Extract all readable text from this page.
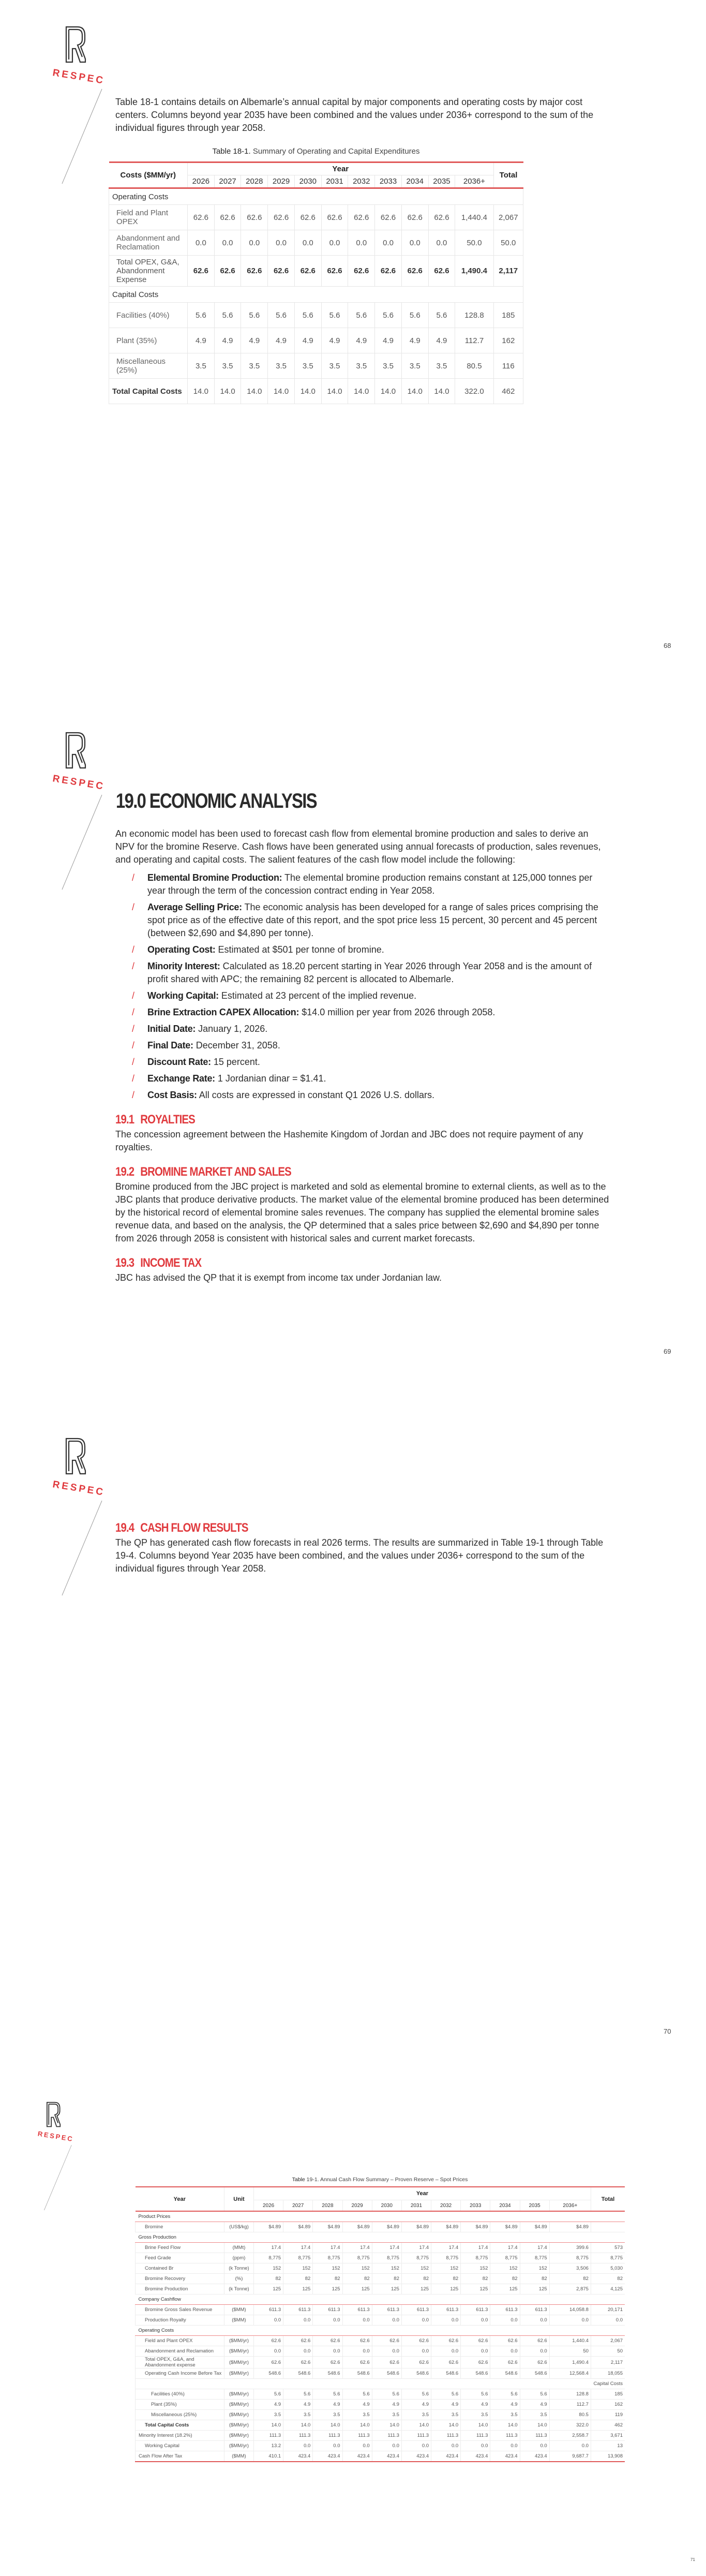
RESPEC

Table 18-1 contains details on Albemarle’s annual capital by major components and operating costs by major cost centers. Columns beyond year 2035 have been combined and the values under 2036+ correspond to the sum of the individual figures through year 2058.

Table 18-1. Summary of Operating and Capital Expenditures
Costs ($MM/yr)	Year											Total
	2026	2027	2028	2029	2030	2031	2032	2033	2034	2035	2036+	
Operating Costs												
Field and Plant OPEX	62.6	62.6	62.6	62.6	62.6	62.6	62.6	62.6	62.6	62.6	1,440.4	2,067
Abandonment and Reclamation	0.0	0.0	0.0	0.0	0.0	0.0	0.0	0.0	0.0	0.0	50.0	50.0
Total OPEX, G&A, Abandonment Expense	62.6	62.6	62.6	62.6	62.6	62.6	62.6	62.6	62.6	62.6	1,490.4	2,117
Capital Costs												
Facilities (40%)	5.6	5.6	5.6	5.6	5.6	5.6	5.6	5.6	5.6	5.6	128.8	185
Plant (35%)	4.9	4.9	4.9	4.9	4.9	4.9	4.9	4.9	4.9	4.9	112.7	162
Miscellaneous (25%)	3.5	3.5	3.5	3.5	3.5	3.5	3.5	3.5	3.5	3.5	80.5	116
Total Capital Costs	14.0	14.0	14.0	14.0	14.0	14.0	14.0	14.0	14.0	14.0	322.0	462
68
RESPEC
19.0 ECONOMIC ANALYSIS

An economic model has been used to forecast cash flow from elemental bromine production and sales to derive an NPV for the bromine Reserve. Cash flows have been generated using annual forecasts of production, sales revenues, and operating and capital costs. The salient features of the cash flow model include the following:

/ Elemental Bromine Production: The elemental bromine production remains constant at 125,000 tonnes per year through the term of the concession contract ending in Year 2058.
/ Average Selling Price: The economic analysis has been developed for a range of sales prices comprising the spot price as of the effective date of this report, and the spot price less 15 percent, 30 percent and 45 percent (between $2,690 and $4,890 per tonne).
/ Operating Cost: Estimated at $501 per tonne of bromine.
/ Minority Interest: Calculated as 18.20 percent starting in Year 2026 through Year 2058 and is the amount of profit shared with APC; the remaining 82 percent is allocated to Albemarle.
/ Working Capital: Estimated at 23 percent of the implied revenue.
/ Brine Extraction CAPEX Allocation: $14.0 million per year from 2026 through 2058.
/ Initial Date: January 1, 2026.
/ Final Date: December 31, 2058.
/ Discount Rate: 15 percent.
/ Exchange Rate: 1 Jordanian dinar = $1.41.
/ Cost Basis: All costs are expressed in constant Q1 2026 U.S. dollars.
19.1 ROYALTIES

The concession agreement between the Hashemite Kingdom of Jordan and JBC does not require payment of any royalties.

19.2 BROMINE MARKET AND SALES

Bromine produced from the JBC project is marketed and sold as elemental bromine to external clients, as well as to the JBC plants that produce derivative products. The market value of the elemental bromine produced has been determined by the historical record of elemental bromine sales revenues. The company has supplied the elemental bromine sales revenue data, and based on the analysis, the QP determined that a sales price between $2,690 and $4,890 per tonne from 2026 through 2058 is consistent with historical sales and current market forecasts.

19.3 INCOME TAX

JBC has advised the QP that it is exempt from income tax under Jordanian law.

69
RESPEC
19.4 CASH FLOW RESULTS

The QP has generated cash flow forecasts in real 2026 terms. The results are summarized in Table 19-1 through Table 19-4. Columns beyond Year 2035 have been combined, and the values under 2036+ correspond to the sum of the individual figures through Year 2058.

70
RESPEC
Table 19-1. Annual Cash Flow Summary – Proven Reserve – Spot Prices
Year	Unit	Year											Total
		2026	2027	2028	2029	2030	2031	2032	2033	2034	2035	2036+	
Product Prices													
Bromine	(US$/kg)	$4.89	$4.89	$4.89	$4.89	$4.89	$4.89	$4.89	$4.89	$4.89	$4.89	$4.89	
Gross Production													
Brine Feed Flow	(MMt)	17.4	17.4	17.4	17.4	17.4	17.4	17.4	17.4	17.4	17.4	399.6	573
Feed Grade	(ppm)	8,775	8,775	8,775	8,775	8,775	8,775	8,775	8,775	8,775	8,775	8,775	8,775
Contained Br	(k Tonne)	152	152	152	152	152	152	152	152	152	152	3,506	5,030
Bromine Recovery	(%)	82	82	82	82	82	82	82	82	82	82	82	82
Bromine Production	(k Tonne)	125	125	125	125	125	125	125	125	125	125	2,875	4,125
Company Cashflow													
Bromine Gross Sales Revenue	($MM)	611.3	611.3	611.3	611.3	611.3	611.3	611.3	611.3	611.3	611.3	14,058.8	20,171
Production Royalty	($MM)	0.0	0.0	0.0	0.0	0.0	0.0	0.0	0.0	0.0	0.0	0.0	0.0
Operating Costs													
Field and Plant OPEX	($MM/yr)	62.6	62.6	62.6	62.6	62.6	62.6	62.6	62.6	62.6	62.6	1,440.4	2,067
Abandonment and Reclamation	($MM/yr)	0.0	0.0	0.0	0.0	0.0	0.0	0.0	0.0	0.0	0.0	50	50
Total OPEX, G&A, and Abandonment expense	($MM/yr)	62.6	62.6	62.6	62.6	62.6	62.6	62.6	62.6	62.6	62.6	1,490.4	2,117
Operating Cash Income Before Tax	($MM/yr)	548.6	548.6	548.6	548.6	548.6	548.6	548.6	548.6	548.6	548.6	12,568.4	18,055
Capital Costs													
Facilities (40%)	($MM/yr)	5.6	5.6	5.6	5.6	5.6	5.6	5.6	5.6	5.6	5.6	128.8	185
Plant (35%)	($MM/yr)	4.9	4.9	4.9	4.9	4.9	4.9	4.9	4.9	4.9	4.9	112.7	162
Miscellaneous (25%)	($MM/yr)	3.5	3.5	3.5	3.5	3.5	3.5	3.5	3.5	3.5	3.5	80.5	119
Total Capital Costs	($MM/yr)	14.0	14.0	14.0	14.0	14.0	14.0	14.0	14.0	14.0	14.0	322.0	462
Minority Interest (18.2%)	($MM/yr)	111.3	111.3	111.3	111.3	111.3	111.3	111.3	111.3	111.3	111.3	2,558.7	3,671
Working Capital	($MM/yr)	13.2	0.0	0.0	0.0	0.0	0.0	0.0	0.0	0.0	0.0	0.0	13
Cash Flow After Tax	($MM)	410.1	423.4	423.4	423.4	423.4	423.4	423.4	423.4	423.4	423.4	9,687.7	13,908
71
